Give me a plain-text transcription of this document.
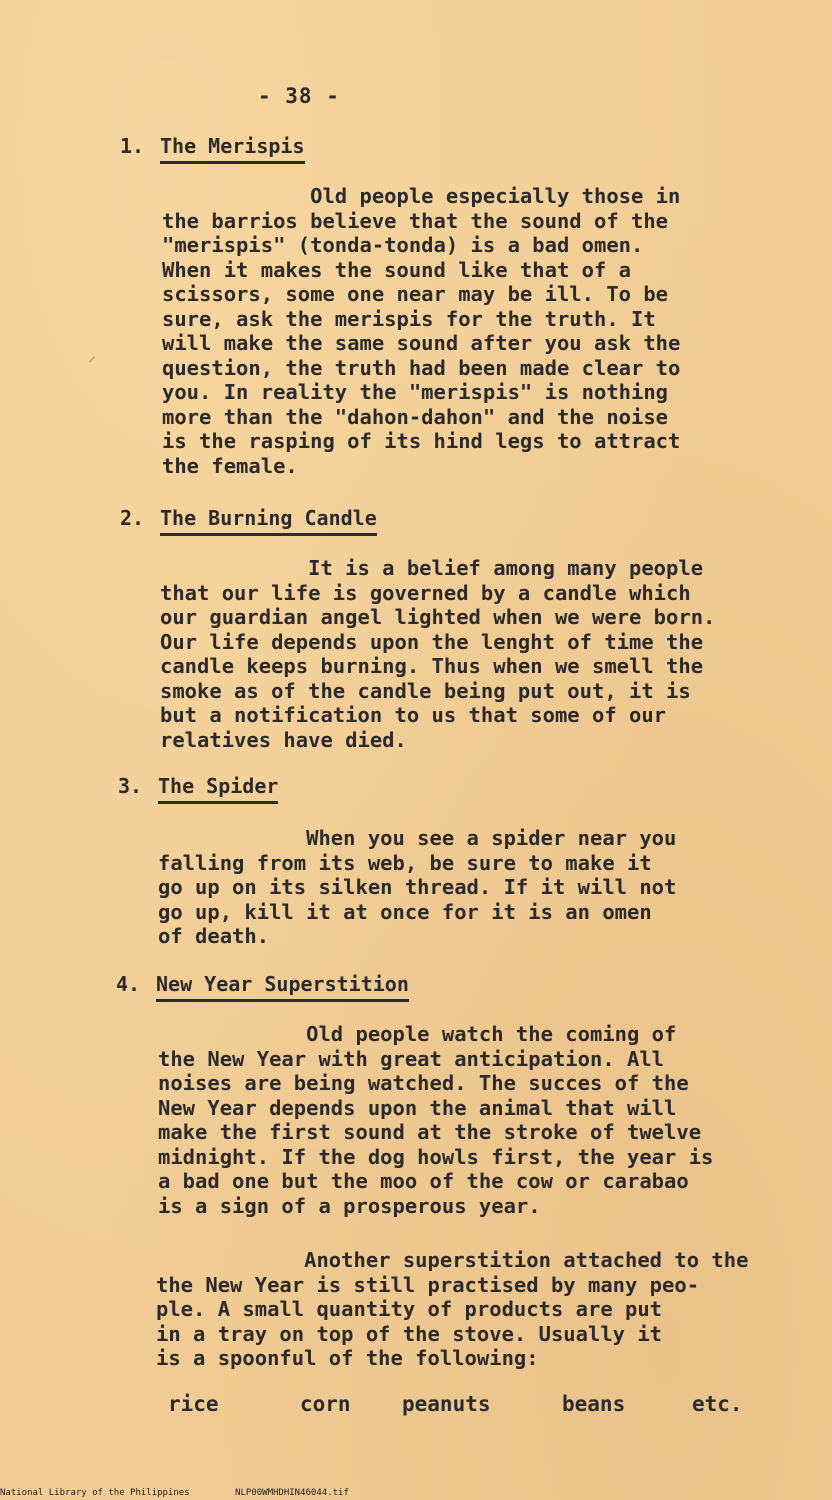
- 38 -
1. The Merispis
Old people especially those in
the barrios believe that the sound of the
"merispis" (tonda-tonda) is a bad omen.
When it makes the sound like that of a
scissors, some one near may be ill. To be
sure, ask the merispis for the truth. It
will make the same sound after you ask the
question, the truth had been made clear to
you. In reality the "merispis" is nothing
more than the "dahon-dahon" and the noise
is the rasping of its hind legs to attract
the female.
2. The Burning Candle
It is a belief among many people
that our life is governed by a candle which
our guardian angel lighted when we were born.
Our life depends upon the lenght of time the
candle keeps burning. Thus when we smell the
smoke as of the candle being put out, it is
but a notification to us that some of our
relatives have died.
3. The Spider
When you see a spider near you
falling from its web, be sure to make it
go up on its silken thread. If it will not
go up, kill it at once for it is an omen
of death.
4. New Year Superstition
Old people watch the coming of
the New Year with great anticipation. All
noises are being watched. The succes of the
New Year depends upon the animal that will
make the first sound at the stroke of twelve
midnight. If the dog howls first, the year is
a bad one but the moo of the cow or carabao
is a sign of a prosperous year.
Another superstition attached to the
the New Year is still practised by many peo-
ple. A small quantity of products are put
in a tray on top of the stove. Usually it
is a spoonful of the following:
rice	corn peanuts	beans	etc.
⸝
National Library of the Philippines	NLP00WMHDHIN46044.tif
